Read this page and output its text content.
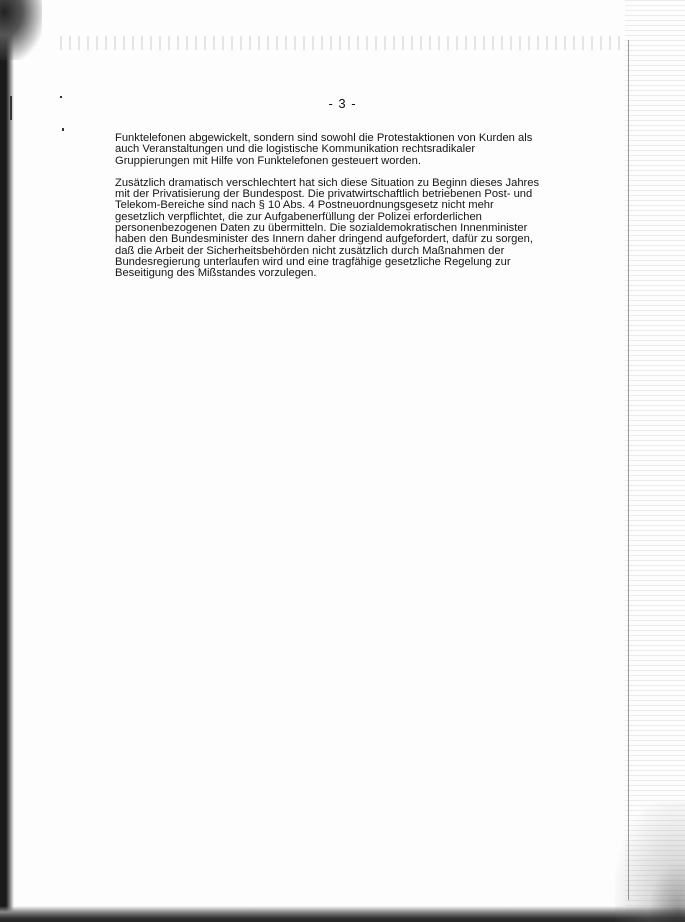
- 3 -

Funktelefonen abgewickelt, sondern sind sowohl die Protestaktionen von Kurden als
auch Veranstaltungen und die logistische Kommunikation rechtsradikaler
Gruppierungen mit Hilfe von Funktelefonen gesteuert worden.

Zusätzlich dramatisch verschlechtert hat sich diese Situation zu Beginn dieses Jahres
mit der Privatisierung der Bundespost. Die privatwirtschaftlich betriebenen Post- und
Telekom-Bereiche sind nach § 10 Abs. 4 Postneuordnungsgesetz nicht mehr
gesetzlich verpflichtet, die zur Aufgabenerfüllung der Polizei erforderlichen
personenbezogenen Daten zu übermitteln. Die sozialdemokratischen Innenminister
haben den Bundesminister des Innern daher dringend aufgefordert, dafür zu sorgen,
daß die Arbeit der Sicherheitsbehörden nicht zusätzlich durch Maßnahmen der
Bundesregierung unterlaufen wird und eine tragfähige gesetzliche Regelung zur
Beseitigung des Mißstandes vorzulegen.
